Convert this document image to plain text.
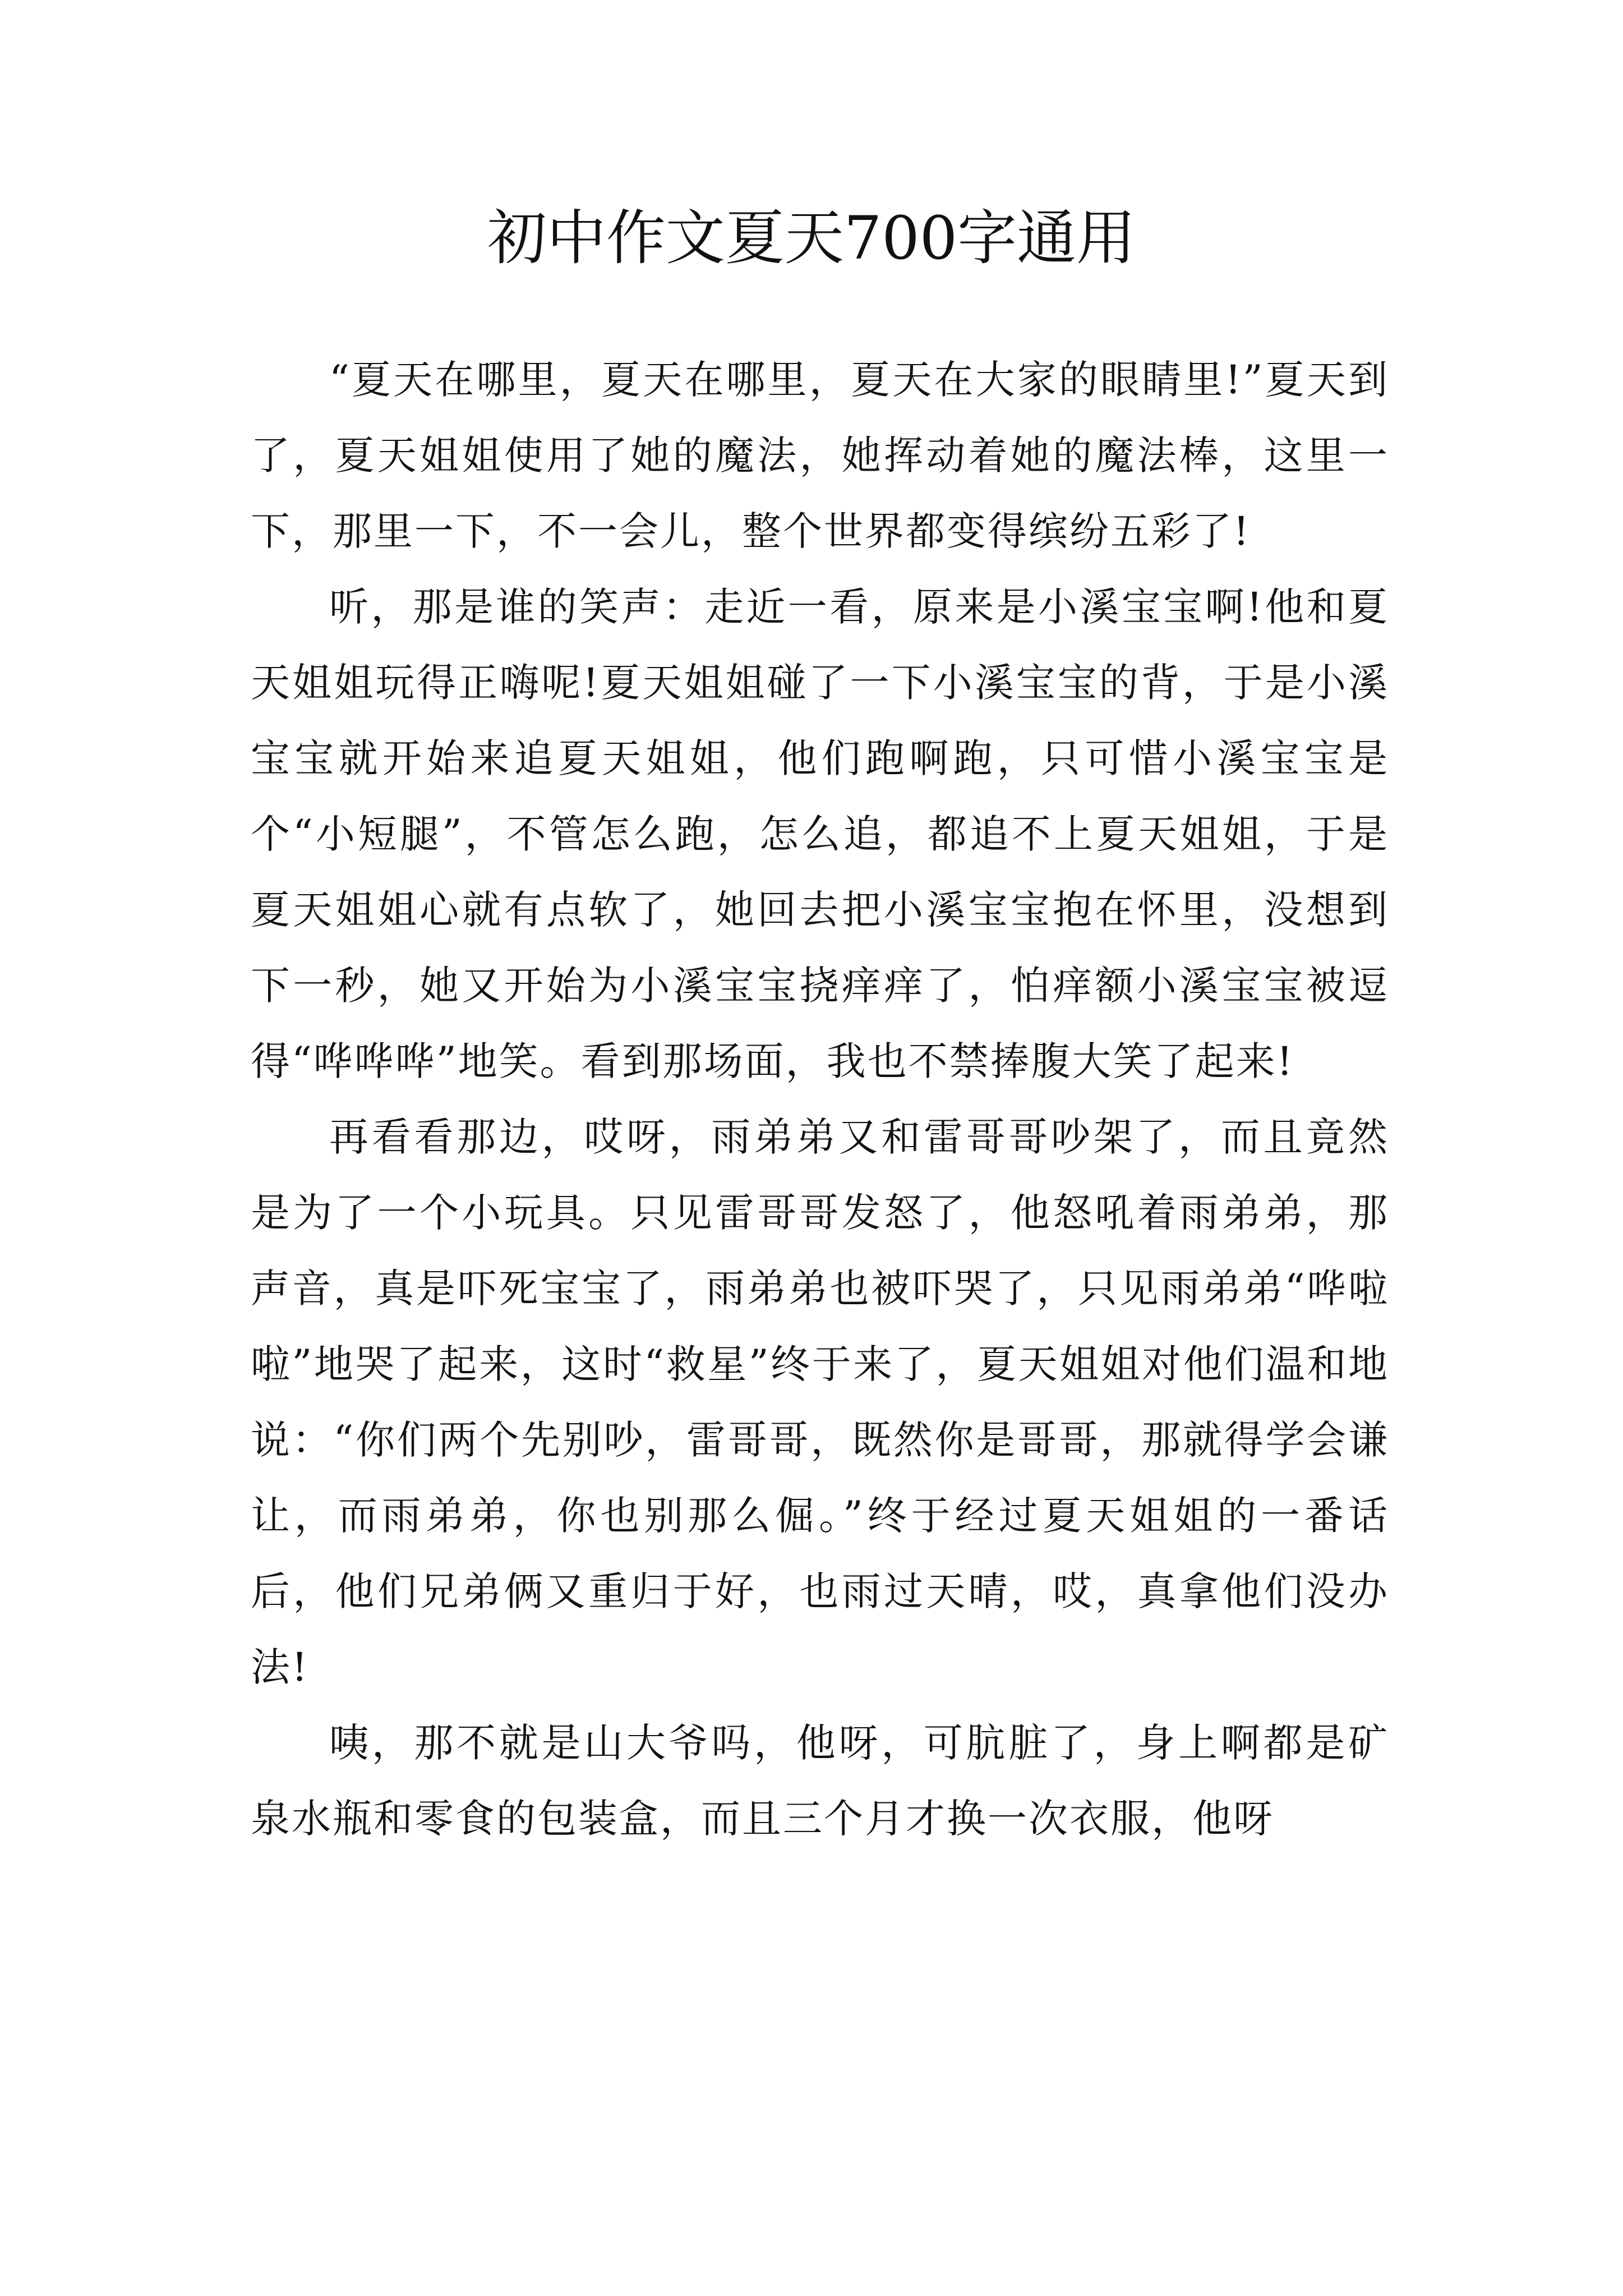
初中作文夏天700字通用

“夏天在哪里，夏天在哪里，夏天在大家的眼睛里!”夏天到了，夏天姐姐使用了她的魔法，她挥动着她的魔法棒，这里一下，那里一下，不一会儿，整个世界都变得缤纷五彩了!

听，那是谁的笑声：走近一看，原来是小溪宝宝啊!他和夏天姐姐玩得正嗨呢!夏天姐姐碰了一下小溪宝宝的背，于是小溪宝宝就开始来追夏天姐姐，他们跑啊跑，只可惜小溪宝宝是个“小短腿”，不管怎么跑，怎么追，都追不上夏天姐姐，于是夏天姐姐心就有点软了，她回去把小溪宝宝抱在怀里，没想到下一秒，她又开始为小溪宝宝挠痒痒了，怕痒额小溪宝宝被逗得“哗哗哗”地笑。看到那场面，我也不禁捧腹大笑了起来!

再看看那边，哎呀，雨弟弟又和雷哥哥吵架了，而且竟然是为了一个小玩具。只见雷哥哥发怒了，他怒吼着雨弟弟，那声音，真是吓死宝宝了，雨弟弟也被吓哭了，只见雨弟弟“哗啦啦”地哭了起来，这时“救星”终于来了，夏天姐姐对他们温和地说：“你们两个先别吵，雷哥哥，既然你是哥哥，那就得学会谦让，而雨弟弟，你也别那么倔。”终于经过夏天姐姐的一番话后，他们兄弟俩又重归于好，也雨过天晴，哎，真拿他们没办法!

咦，那不就是山大爷吗，他呀，可肮脏了，身上啊都是矿泉水瓶和零食的包装盒，而且三个月才换一次衣服，他呀
